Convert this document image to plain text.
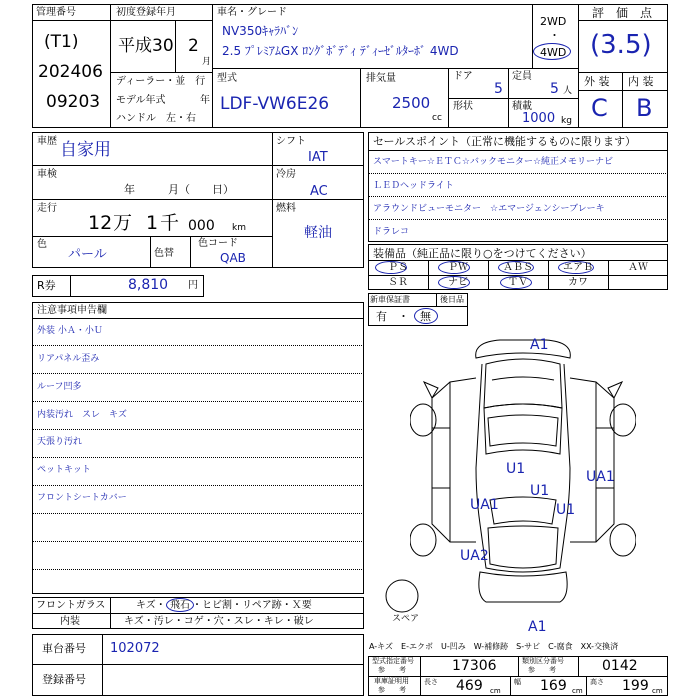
管理番号
(T1)
202406
09203
初度登録年月
平成30 2
月
ディーラー・並　行
モデル年式	年
ハンドル　左・右
車名・グレード
NV350ｷｬﾗﾊﾞﾝ
2.5 ﾌﾟﾚﾐｱﾑGX ﾛﾝｸﾞﾎﾞﾃﾞｨ ﾃﾞｨｰｾﾞﾙﾀｰﾎﾞ 4WD
2WD
・
4WD
評　価　点
(3.5)
外 装 内 装
C B
型式
LDF-VW6E26
排気量
2500
cc
ドア
5
定員
5 人
形状	積載
1000 kg
車歴 自家用
車検
年　　　月（　　日）
走行
12 万 1 千 000 km
色
パール	色替
色コード
QAB
シフト
IAT
冷房
AC
燃料
軽油
R券	8,810 円
セールスポイント（正常に機能するものに限ります）
スマートキー☆ＥＴＣ☆バックモニター☆純正メモリーナビ
ＬＥＤヘッドライト
アラウンドビューモニター　☆エマージェンシーブレーキ
ドラレコ
装備品（純正品に限り○をつけてください）
ＰＳ	ＰＷ	ＡＢＳ	エアＢ	ＡＷ
ＳＲ	ナビ	ＴＶ	カワ
新車保証書	後日品
有　・ 無
注意事項申告欄
外装 小Ａ・小Ｕ
リアパネル歪み
ルーフ凹多
内装汚れ　スレ　キズ
天張り汚れ
ペットキット
フロントシートカバー
フロントガラス
内装
キズ・ 飛石 ・ヒビ割・リペア跡・Ｘ要
キズ・汚レ・コゲ・穴・スレ・キレ・破レ
車台番号 102072
登録番号
スペア
A1
U1	UA1
U1
UA1	U1
UA2
A1
A-キズ　E-エクボ　U-凹み　W-補修跡　S-サビ　C-腐食　XX-交換済
型式指定番号
参　　考	17306	類別区分番号
参　　考	0142
車庫証明用
参　　考
長さ 469 cm
幅 169 cm
高さ 199 cm
